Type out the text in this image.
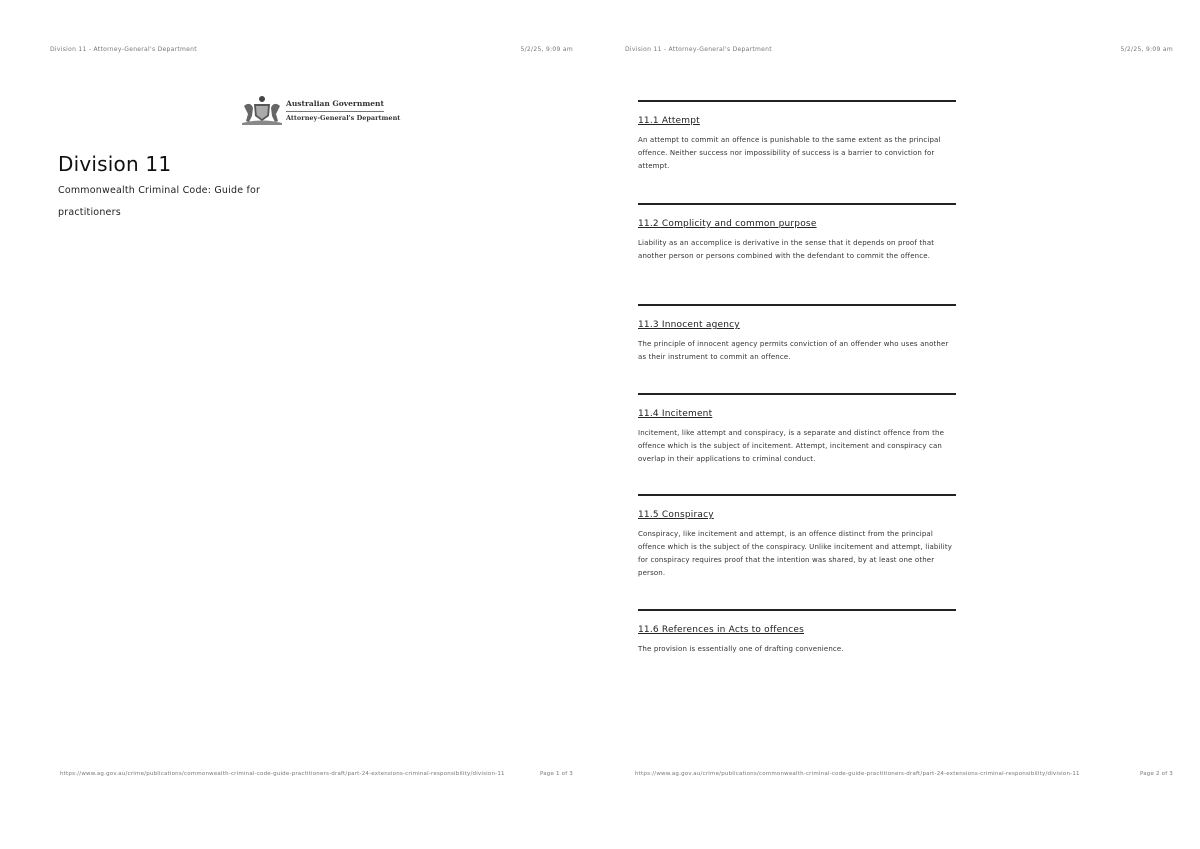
Division 11 - Attorney-General's Department	5/2/25, 9:09 am
Australian Government
Attorney-General's Department
Division 11

Commonwealth Criminal Code: Guide for practitioners

https://www.ag.gov.au/crime/publications/commonwealth-criminal-code-guide-practitioners-draft/part-24-extensions-criminal-responsibility/division-11	Page 1 of 3
Division 11 - Attorney-General's Department	5/2/25, 9:09 am
11.1 Attempt

An attempt to commit an offence is punishable to the same extent as the principal offence. Neither success nor impossibility of success is a barrier to conviction for attempt.

11.2 Complicity and common purpose

Liability as an accomplice is derivative in the sense that it depends on proof that another person or persons combined with the defendant to commit the offence.

11.3 Innocent agency

The principle of innocent agency permits conviction of an offender who uses another as their instrument to commit an offence.

11.4 Incitement

Incitement, like attempt and conspiracy, is a separate and distinct offence from the offence which is the subject of incitement. Attempt, incitement and conspiracy can overlap in their applications to criminal conduct.

11.5 Conspiracy

Conspiracy, like incitement and attempt, is an offence distinct from the principal offence which is the subject of the conspiracy. Unlike incitement and attempt, liability for conspiracy requires proof that the intention was shared, by at least one other person.

11.6 References in Acts to offences

The provision is essentially one of drafting convenience.

https://www.ag.gov.au/crime/publications/commonwealth-criminal-code-guide-practitioners-draft/part-24-extensions-criminal-responsibility/division-11	Page 2 of 3
